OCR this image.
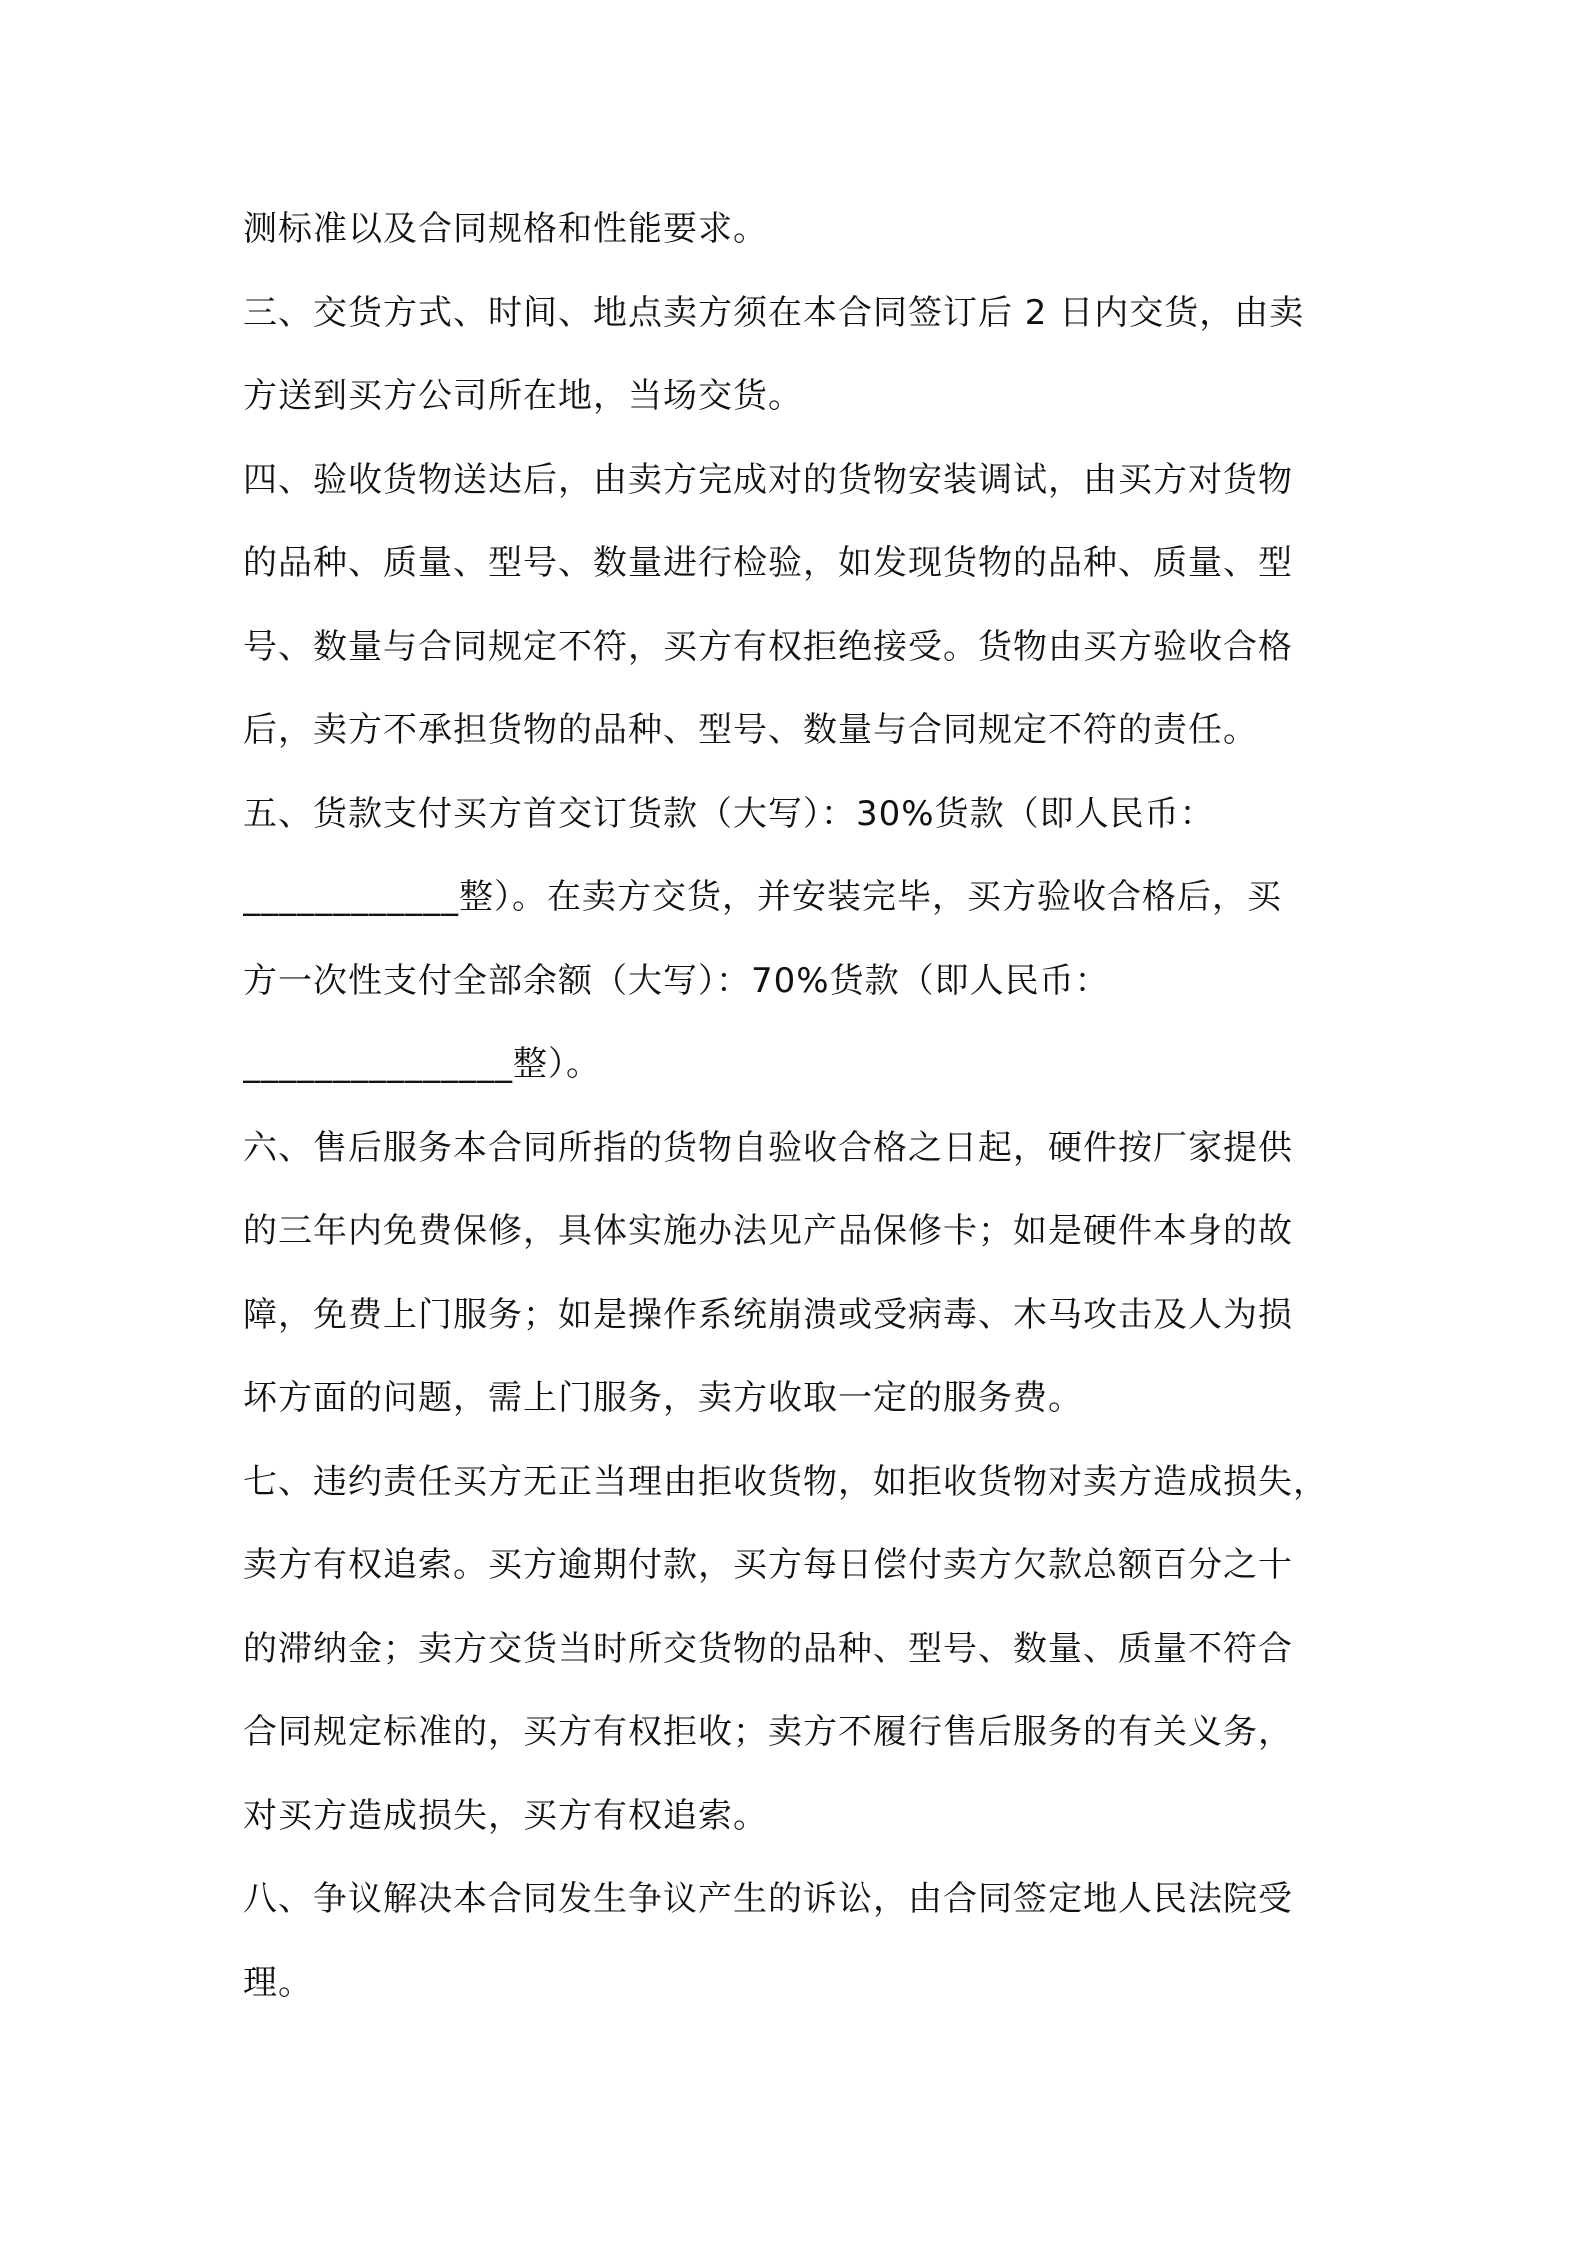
测标准以及合同规格和性能要求。
三、交货方式、时间、地点卖方须在本合同签订后 2 日内交货，由卖
方送到买方公司所在地，当场交货。
四、验收货物送达后，由卖方完成对的货物安装调试，由买方对货物
的品种、质量、型号、数量进行检验，如发现货物的品种、质量、型
号、数量与合同规定不符，买方有权拒绝接受。货物由买方验收合格
后，卖方不承担货物的品种、型号、数量与合同规定不符的责任。
五、货款支付买方首交订货款（大写）：30%货款（即人民币：
____________整）。在卖方交货，并安装完毕，买方验收合格后，买
方一次性支付全部余额（大写）：70%货款（即人民币：
_______________整）。
六、售后服务本合同所指的货物自验收合格之日起，硬件按厂家提供
的三年内免费保修，具体实施办法见产品保修卡；如是硬件本身的故
障，免费上门服务；如是操作系统崩溃或受病毒、木马攻击及人为损
坏方面的问题，需上门服务，卖方收取一定的服务费。
七、违约责任买方无正当理由拒收货物，如拒收货物对卖方造成损失，
卖方有权追索。买方逾期付款，买方每日偿付卖方欠款总额百分之十
的滞纳金；卖方交货当时所交货物的品种、型号、数量、质量不符合
合同规定标准的，买方有权拒收；卖方不履行售后服务的有关义务，
对买方造成损失，买方有权追索。
八、争议解决本合同发生争议产生的诉讼，由合同签定地人民法院受
理。
